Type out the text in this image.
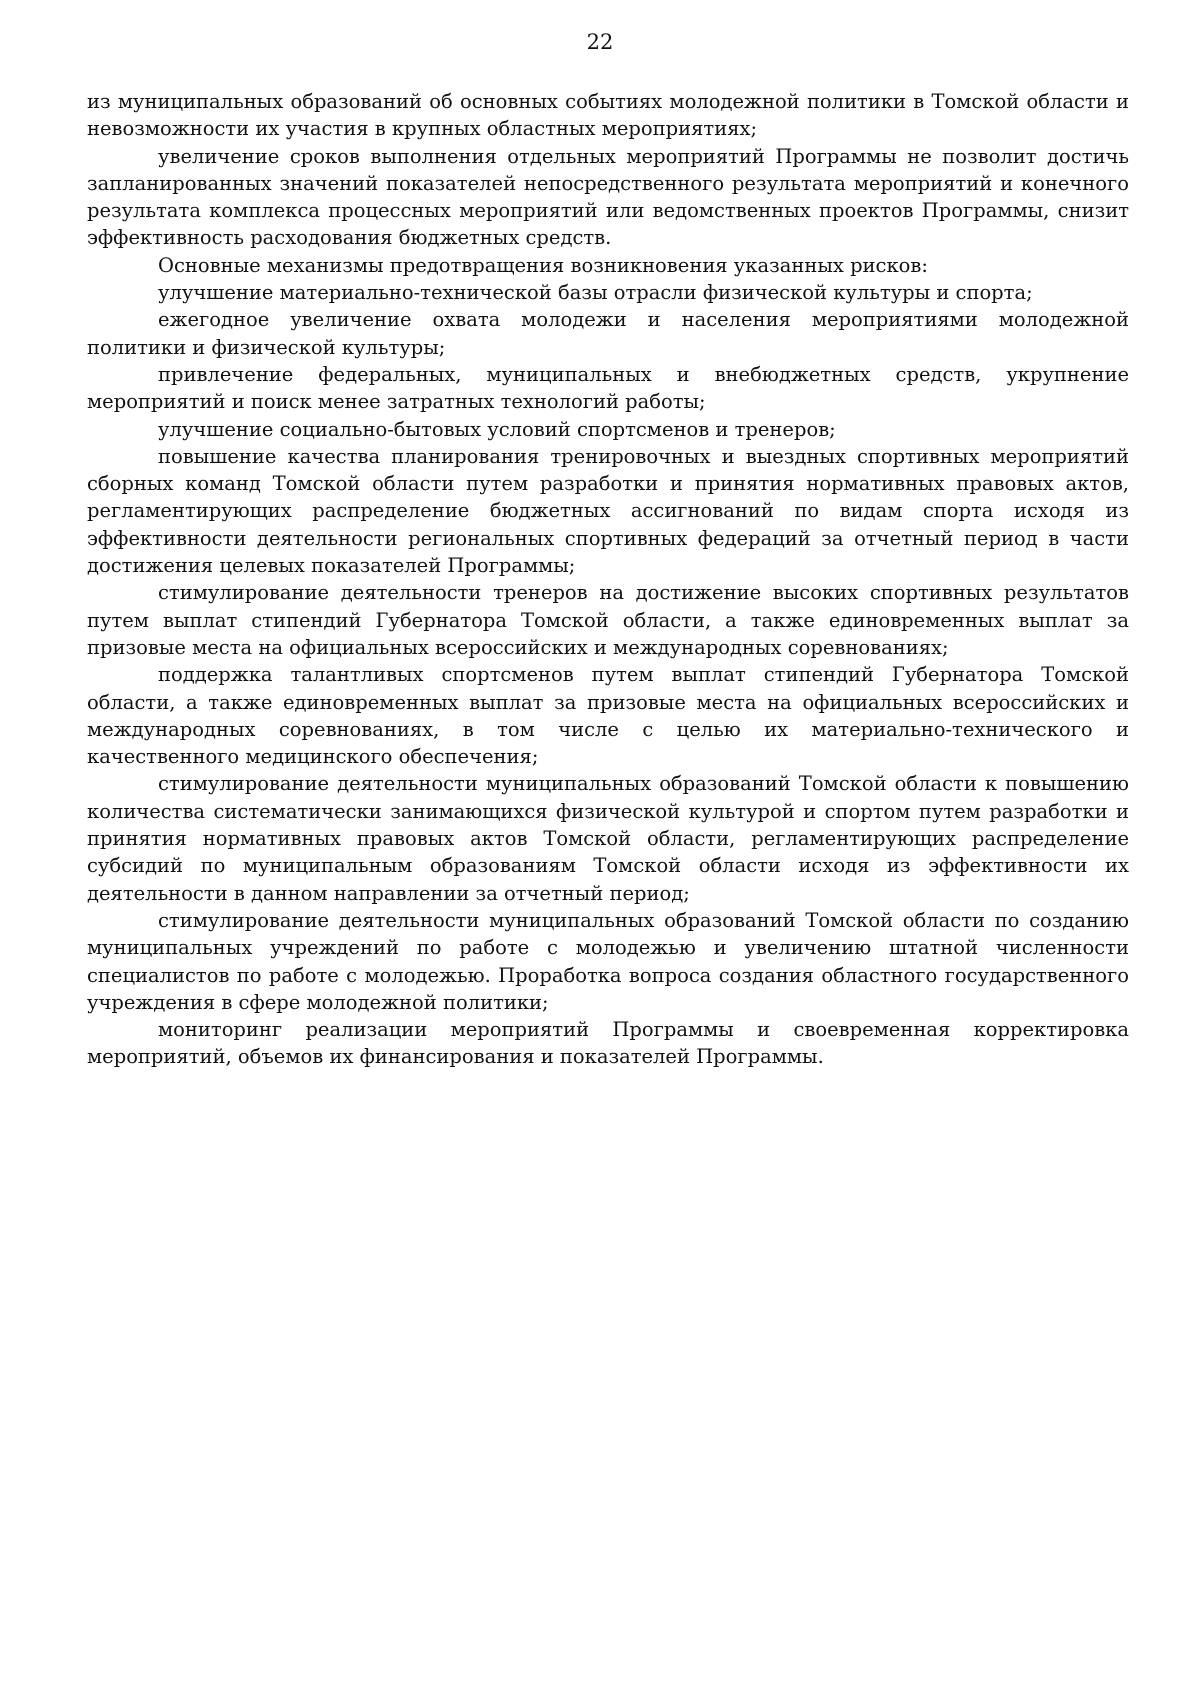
22

из муниципальных образований об основных событиях молодежной политики в Томской области и невозможности их участия в крупных областных мероприятиях;

увеличение сроков выполнения отдельных мероприятий Программы не позволит достичь запланированных значений показателей непосредственного результата мероприятий и конечного результата комплекса процессных мероприятий или ведомственных проектов Программы, снизит эффективность расходования бюджетных средств.

Основные механизмы предотвращения возникновения указанных рисков:

улучшение материально-технической базы отрасли физической культуры и спорта;

ежегодное увеличение охвата молодежи и населения мероприятиями молодежной политики и физической культуры;

привлечение федеральных, муниципальных и внебюджетных средств, укрупнение мероприятий и поиск менее затратных технологий работы;

улучшение социально-бытовых условий спортсменов и тренеров;

повышение качества планирования тренировочных и выездных спортивных мероприятий сборных команд Томской области путем разработки и принятия нормативных правовых актов, регламентирующих распределение бюджетных ассигнований по видам спорта исходя из эффективности деятельности региональных спортивных федераций за отчетный период в части достижения целевых показателей Программы;

стимулирование деятельности тренеров на достижение высоких спортивных результатов путем выплат стипендий Губернатора Томской области, а также единовременных выплат за призовые места на официальных всероссийских и международных соревнованиях;

поддержка талантливых спортсменов путем выплат стипендий Губернатора Томской области, а также единовременных выплат за призовые места на официальных всероссийских и международных соревнованиях, в том числе с целью их материально-технического и качественного медицинского обеспечения;

стимулирование деятельности муниципальных образований Томской области к повышению количества систематически занимающихся физической культурой и спортом путем разработки и принятия нормативных правовых актов Томской области, регламентирующих распределение субсидий по муниципальным образованиям Томской области исходя из эффективности их деятельности в данном направлении за отчетный период;

стимулирование деятельности муниципальных образований Томской области по созданию муниципальных учреждений по работе с молодежью и увеличению штатной численности специалистов по работе с молодежью. Проработка вопроса создания областного государственного учреждения в сфере молодежной политики;

мониторинг реализации мероприятий Программы и своевременная корректировка мероприятий, объемов их финансирования и показателей Программы.
